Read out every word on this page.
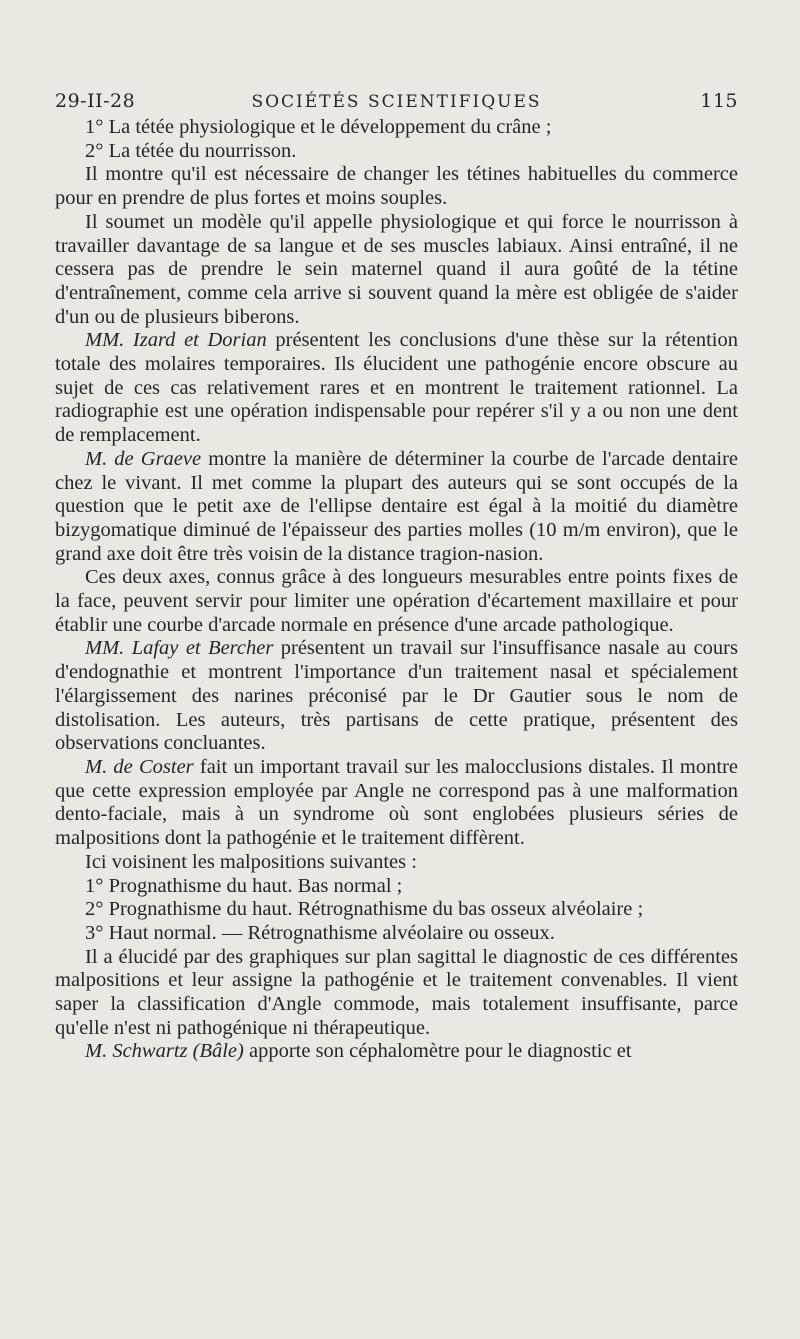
29-II-28	SOCIÉTÉS SCIENTIFIQUES	115

1° La tétée physiologique et le développement du crâne ;

2° La tétée du nourrisson.

Il montre qu'il est nécessaire de changer les tétines habituelles du commerce pour en prendre de plus fortes et moins souples.

Il soumet un modèle qu'il appelle physiologique et qui force le nourrisson à travailler davantage de sa langue et de ses muscles labiaux. Ainsi entraîné, il ne cessera pas de prendre le sein maternel quand il aura goûté de la tétine d'entraînement, comme cela arrive si souvent quand la mère est obligée de s'aider d'un ou de plusieurs biberons.

MM. Izard et Dorian présentent les conclusions d'une thèse sur la rétention totale des molaires temporaires. Ils élucident une pathogénie encore obscure au sujet de ces cas relativement rares et en montrent le traitement rationnel. La radiographie est une opération indispensable pour repérer s'il y a ou non une dent de remplacement.

M. de Graeve montre la manière de déterminer la courbe de l'arcade dentaire chez le vivant. Il met comme la plupart des auteurs qui se sont occupés de la question que le petit axe de l'ellipse dentaire est égal à la moitié du diamètre bizygomatique diminué de l'épaisseur des parties molles (10 m/m environ), que le grand axe doit être très voisin de la distance tragion-nasion.

Ces deux axes, connus grâce à des longueurs mesurables entre points fixes de la face, peuvent servir pour limiter une opération d'écartement maxillaire et pour établir une courbe d'arcade normale en présence d'une arcade pathologique.

MM. Lafay et Bercher présentent un travail sur l'insuffisance nasale au cours d'endognathie et montrent l'importance d'un traitement nasal et spécialement l'élargissement des narines préconisé par le Dr Gautier sous le nom de distolisation. Les auteurs, très partisans de cette pratique, présentent des observations concluantes.

M. de Coster fait un important travail sur les malocclusions distales. Il montre que cette expression employée par Angle ne correspond pas à une malformation dento-faciale, mais à un syndrome où sont englobées plusieurs séries de malpositions dont la pathogénie et le traitement diffèrent.

Ici voisinent les malpositions suivantes :

1° Prognathisme du haut. Bas normal ;

2° Prognathisme du haut. Rétrognathisme du bas osseux alvéolaire ;

3° Haut normal. — Rétrognathisme alvéolaire ou osseux.

Il a élucidé par des graphiques sur plan sagittal le diagnostic de ces différentes malpositions et leur assigne la pathogénie et le traitement convenables. Il vient saper la classification d'Angle commode, mais totalement insuffisante, parce qu'elle n'est ni pathogénique ni thérapeutique.

M. Schwartz (Bâle) apporte son céphalomètre pour le diagnostic et
